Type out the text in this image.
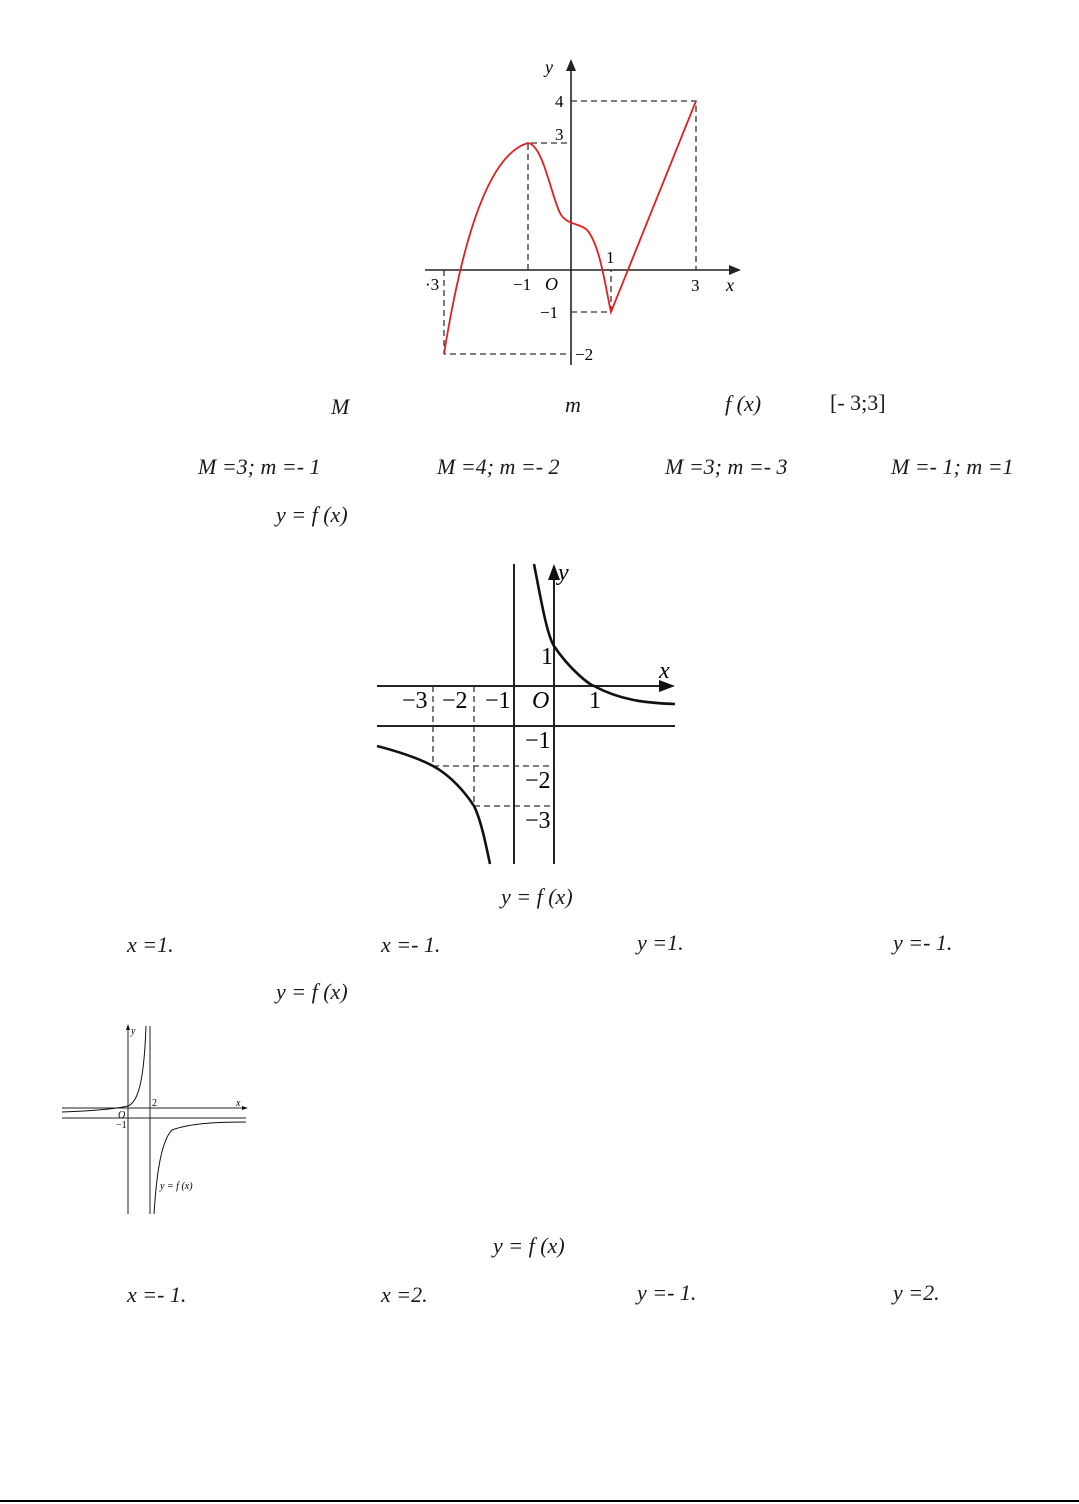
y
x
O
4
3
−1
·3
1
3
−1
−2
M	m	f (x)	[- 3;3]
M =3; m =- 1	M =4; m =- 2	M =3; m =- 3	M =- 1; m =1
y = f (x)
y
x
O
1
1
−1
−2
−3
−1
−2
−3
y = f (x)
x =1.	x =- 1.	y =1.	y =- 1.
y = f (x)
y
x
O
2
−1
y = f (x)
y = f (x)
x =- 1.	x =2.	y =- 1.	y =2.
